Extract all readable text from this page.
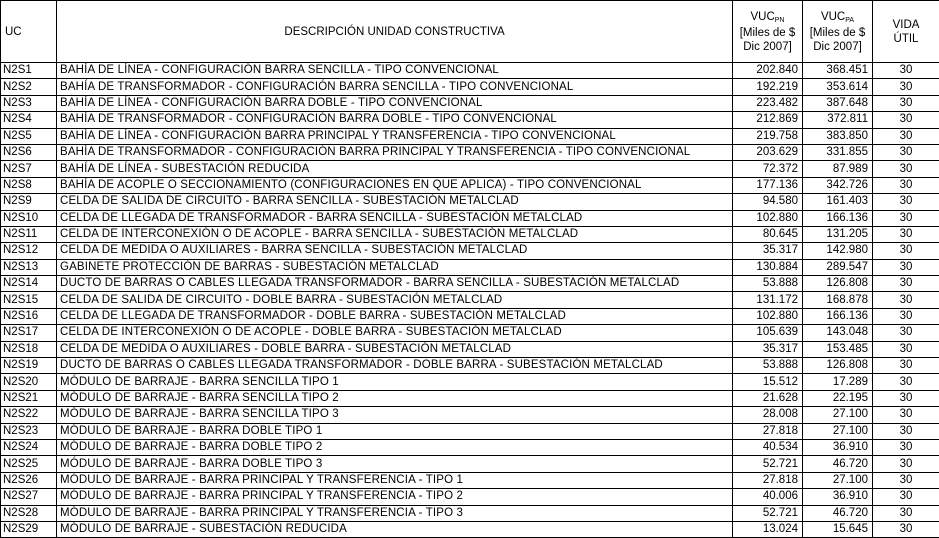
UC	DESCRIPCIÓN UNIDAD CONSTRUCTIVA	$VUC_{PN}$
[Miles de $
Dic 2007]	$VUC_{PA}$
[Miles de $
Dic 2007]	VIDA
ÚTIL
N2S1	BAHÍA DE LÍNEA - CONFIGURACIÓN BARRA SENCILLA - TIPO CONVENCIONAL	202.840	368.451	30
N2S2	BAHÍA DE TRANSFORMADOR - CONFIGURACIÓN BARRA SENCILLA - TIPO CONVENCIONAL	192.219	353.614	30
N2S3	BAHÍA DE LÍNEA - CONFIGURACIÓN BARRA DOBLE - TIPO CONVENCIONAL	223.482	387.648	30
N2S4	BAHÍA DE TRANSFORMADOR - CONFIGURACIÓN BARRA DOBLE - TIPO CONVENCIONAL	212.869	372.811	30
N2S5	BAHÍA DE LÍNEA - CONFIGURACIÓN BARRA PRINCIPAL Y TRANSFERENCIA - TIPO CONVENCIONAL	219.758	383.850	30
N2S6	BAHÍA DE TRANSFORMADOR - CONFIGURACIÓN BARRA PRINCIPAL Y TRANSFERENCIA - TIPO CONVENCIONAL	203.629	331.855	30
N2S7	BAHÍA DE LÍNEA - SUBESTACIÓN REDUCIDA	72.372	87.989	30
N2S8	BAHÍA DE ACOPLE O SECCIONAMIENTO (CONFIGURACIONES EN QUE APLICA) - TIPO CONVENCIONAL	177.136	342.726	30
N2S9	CELDA DE SALIDA DE CIRCUITO - BARRA SENCILLA - SUBESTACIÓN METALCLAD	94.580	161.403	30
N2S10	CELDA DE LLEGADA DE TRANSFORMADOR - BARRA SENCILLA - SUBESTACIÓN METALCLAD	102.880	166.136	30
N2S11	CELDA DE INTERCONEXIÓN O DE ACOPLE - BARRA SENCILLA - SUBESTACIÓN METALCLAD	80.645	131.205	30
N2S12	CELDA DE MEDIDA O AUXILIARES - BARRA SENCILLA - SUBESTACIÓN METALCLAD	35.317	142.980	30
N2S13	GABINETE PROTECCIÓN DE BARRAS - SUBESTACIÓN METALCLAD	130.884	289.547	30
N2S14	DUCTO DE BARRAS O CABLES LLEGADA TRANSFORMADOR - BARRA SENCILLA - SUBESTACIÓN METALCLAD	53.888	126.808	30
N2S15	CELDA DE SALIDA DE CIRCUITO - DOBLE BARRA - SUBESTACIÓN METALCLAD	131.172	168.878	30
N2S16	CELDA DE LLEGADA DE TRANSFORMADOR - DOBLE BARRA - SUBESTACIÓN METALCLAD	102.880	166.136	30
N2S17	CELDA DE INTERCONEXIÓN O DE ACOPLE - DOBLE BARRA - SUBESTACIÓN METALCLAD	105.639	143.048	30
N2S18	CELDA DE MEDIDA O AUXILIARES - DOBLE BARRA - SUBESTACIÓN METALCLAD	35.317	153.485	30
N2S19	DUCTO DE BARRAS O CABLES LLEGADA TRANSFORMADOR - DOBLE BARRA - SUBESTACIÓN METALCLAD	53.888	126.808	30
N2S20	MÓDULO DE BARRAJE - BARRA SENCILLA TIPO 1	15.512	17.289	30
N2S21	MÓDULO DE BARRAJE - BARRA SENCILLA TIPO 2	21.628	22.195	30
N2S22	MÓDULO DE BARRAJE - BARRA SENCILLA TIPO 3	28.008	27.100	30
N2S23	MÓDULO DE BARRAJE - BARRA DOBLE TIPO 1	27.818	27.100	30
N2S24	MÓDULO DE BARRAJE - BARRA DOBLE TIPO 2	40.534	36.910	30
N2S25	MÓDULO DE BARRAJE - BARRA DOBLE TIPO 3	52.721	46.720	30
N2S26	MÓDULO DE BARRAJE - BARRA PRINCIPAL Y TRANSFERENCIA - TIPO 1	27.818	27.100	30
N2S27	MÓDULO DE BARRAJE - BARRA PRINCIPAL Y TRANSFERENCIA - TIPO 2	40.006	36.910	30
N2S28	MÓDULO DE BARRAJE - BARRA PRINCIPAL Y TRANSFERENCIA - TIPO 3	52.721	46.720	30
N2S29	MÓDULO DE BARRAJE - SUBESTACIÓN REDUCIDA	13.024	15.645	30
